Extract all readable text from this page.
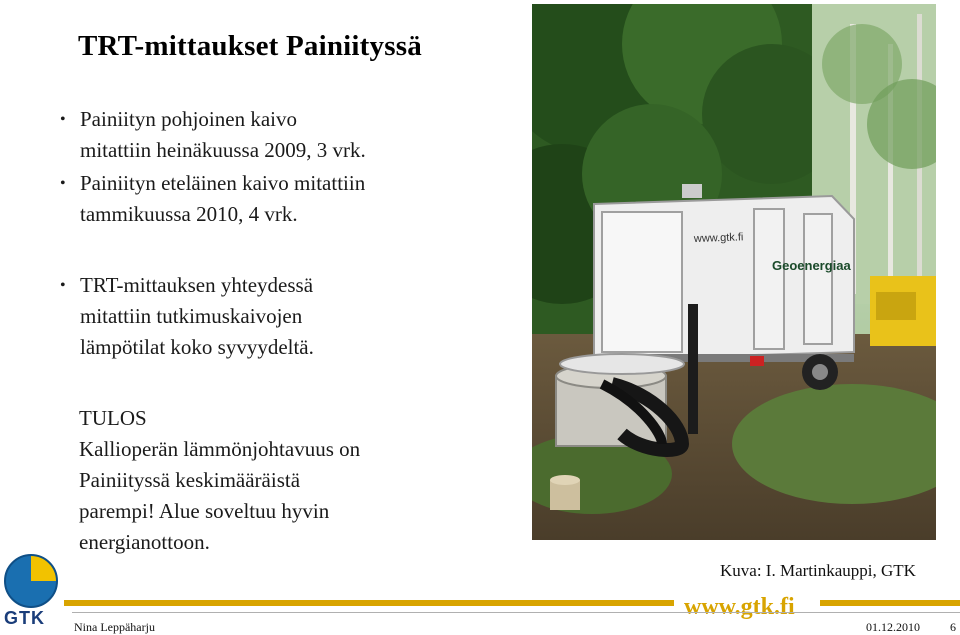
TRT-mittaukset Painiityssä
• Painiityn pohjoinen kaivo
mitattiin heinäkuussa 2009, 3 vrk.
• Painiityn eteläinen kaivo mitattiin
tammikuussa 2010, 4 vrk.
• TRT-mittauksen yhteydessä
mitattiin tutkimuskaivojen
lämpötilat koko syvyydeltä.
TULOS
Kallioperän lämmönjohtavuus on
Painiityssä keskimääräistä
parempi! Alue soveltuu hyvin
energianottoon.
www.gtk.fi
Geoenergiaa
Kuva: I. Martinkauppi, GTK
GTK	www.gtk.fi
Nina Leppäharju	01.12.2010	6
